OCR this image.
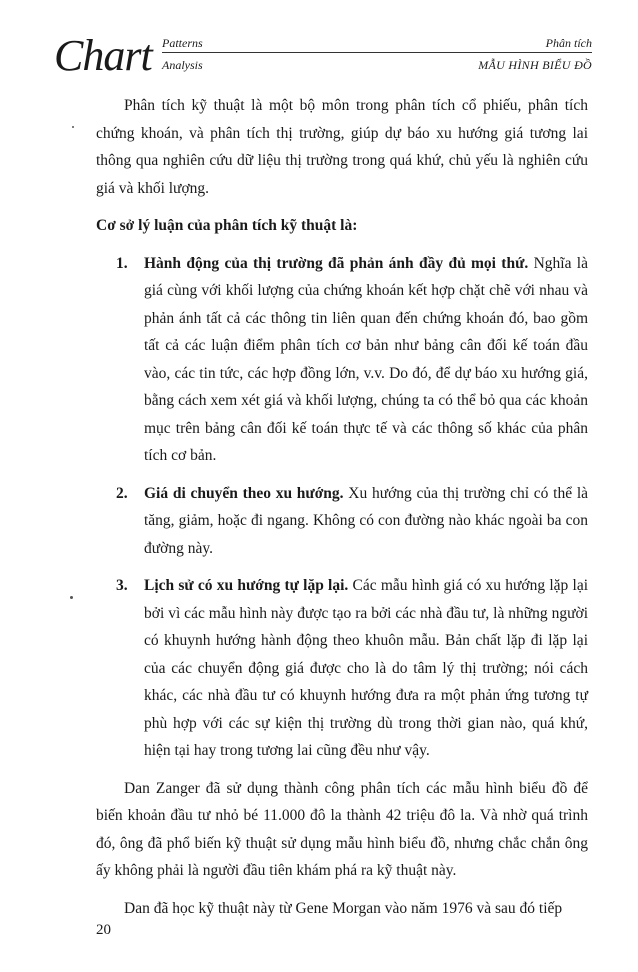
Chart Patterns
Analysis
Phân tích
MẪU HÌNH BIỂU ĐỒ

Phân tích kỹ thuật là một bộ môn trong phân tích cổ phiếu, phân tích chứng khoán, và phân tích thị trường, giúp dự báo xu hướng giá tương lai thông qua nghiên cứu dữ liệu thị trường trong quá khứ, chủ yếu là nghiên cứu giá và khối lượng.

Cơ sở lý luận của phân tích kỹ thuật là:

1. Hành động của thị trường đã phản ánh đầy đủ mọi thứ. Nghĩa là giá cùng với khối lượng của chứng khoán kết hợp chặt chẽ với nhau và phản ánh tất cả các thông tin liên quan đến chứng khoán đó, bao gồm tất cả các luận điểm phân tích cơ bản như bảng cân đối kế toán đầu vào, các tin tức, các hợp đồng lớn, v.v. Do đó, để dự báo xu hướng giá, bằng cách xem xét giá và khối lượng, chúng ta có thể bỏ qua các khoản mục trên bảng cân đối kế toán thực tế và các thông số khác của phân tích cơ bản.
2. Giá di chuyển theo xu hướng. Xu hướng của thị trường chỉ có thể là tăng, giảm, hoặc đi ngang. Không có con đường nào khác ngoài ba con đường này.
3. Lịch sử có xu hướng tự lặp lại. Các mẫu hình giá có xu hướng lặp lại bởi vì các mẫu hình này được tạo ra bởi các nhà đầu tư, là những người có khuynh hướng hành động theo khuôn mẫu. Bản chất lặp đi lặp lại của các chuyển động giá được cho là do tâm lý thị trường; nói cách khác, các nhà đầu tư có khuynh hướng đưa ra một phản ứng tương tự phù hợp với các sự kiện thị trường dù trong thời gian nào, quá khứ, hiện tại hay trong tương lai cũng đều như vậy.

Dan Zanger đã sử dụng thành công phân tích các mẫu hình biểu đồ để biến khoản đầu tư nhỏ bé 11.000 đô la thành 42 triệu đô la. Và nhờ quá trình đó, ông đã phổ biến kỹ thuật sử dụng mẫu hình biểu đồ, nhưng chắc chắn ông ấy không phải là người đầu tiên khám phá ra kỹ thuật này.

Dan đã học kỹ thuật này từ Gene Morgan vào năm 1976 và sau đó tiếp

20
